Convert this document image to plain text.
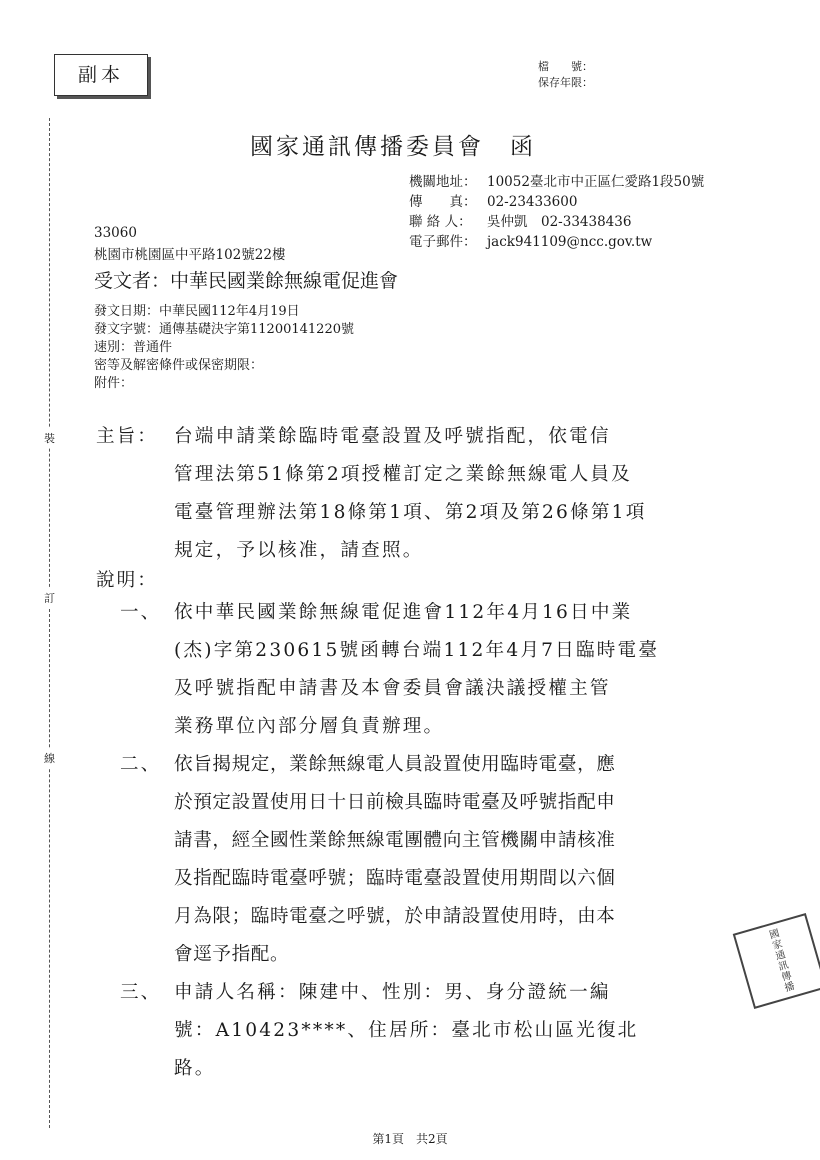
副本	檔　　號：
保存年限：
裝
訂
線
國家通訊傳播委員會　函
機關地址： 10052臺北市中正區仁愛路1段50號
傳　　真： 02-23433600
聯 絡 人： 吳仲凱　02-33438436
電子郵件： jack941109@ncc.gov.tw
33060
桃園市桃園區中平路102號22樓
受文者：中華民國業餘無線電促進會
發文日期：中華民國112年4月19日
發文字號：通傳基礎決字第11200141220號
速別：普通件
密等及解密條件或保密期限：
附件：
主旨： 台端申請業餘臨時電臺設置及呼號指配，依電信
管理法第51條第2項授權訂定之業餘無線電人員及
電臺管理辦法第18條第1項、第2項及第26條第1項
規定，予以核准，請查照。
說明：
一、 依中華民國業餘無線電促進會112年4月16日中業
(杰)字第230615號函轉台端112年4月7日臨時電臺
及呼號指配申請書及本會委員會議決議授權主管
業務單位內部分層負責辦理。
二、 依旨揭規定，業餘無線電人員設置使用臨時電臺，應
於預定設置使用日十日前檢具臨時電臺及呼號指配申
請書，經全國性業餘無線電團體向主管機關申請核准
及指配臨時電臺呼號；臨時電臺設置使用期間以六個
月為限；臨時電臺之呼號，於申請設置使用時，由本
會逕予指配。
三、 申請人名稱：陳建中、性別：男、身分證統一編
號：A10423****、住居所：臺北市松山區光復北
路。
國家通訊傳播
第1頁　共2頁
